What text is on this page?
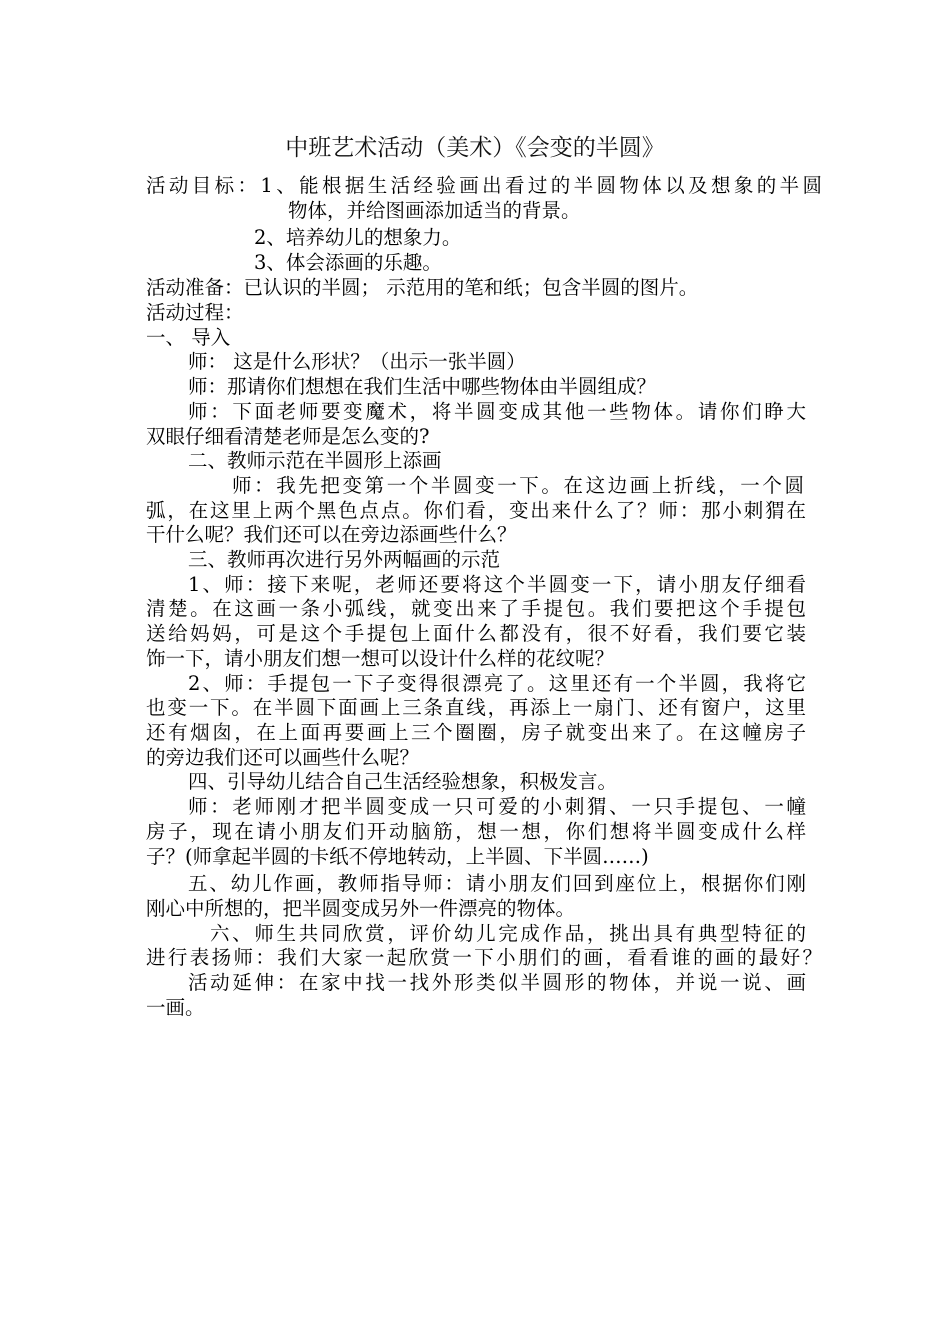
中班艺术活动（美术）《会变的半圆》

活动目标：1、能根据生活经验画出看过的半圆物体以及想象的半圆

物体，并给图画添加适当的背景。

2、培养幼儿的想象力。

3、体会添画的乐趣。

活动准备：已认识的半圆； 示范用的笔和纸；包含半圆的图片。

活动过程：

一、 导入

师： 这是什么形状？（出示一张半圆）

师：那请你们想想在我们生活中哪些物体由半圆组成？

师：下面老师要变魔术，将半圆变成其他一些物体。请你们睁大

双眼仔细看清楚老师是怎么变的?

二、教师示范在半圆形上添画

师：我先把变第一个半圆变一下。在这边画上折线，一个圆

弧，在这里上两个黑色点点。你们看，变出来什么了？师：那小刺猬在

干什么呢？我们还可以在旁边添画些什么？

三、教师再次进行另外两幅画的示范

1、师：接下来呢，老师还要将这个半圆变一下，请小朋友仔细看

清楚。在这画一条小弧线，就变出来了手提包。我们要把这个手提包

送给妈妈，可是这个手提包上面什么都没有，很不好看，我们要它装

饰一下，请小朋友们想一想可以设计什么样的花纹呢？

2、师：手提包一下子变得很漂亮了。这里还有一个半圆，我将它

也变一下。在半圆下面画上三条直线，再添上一扇门、还有窗户，这里

还有烟囱，在上面再要画上三个圈圈，房子就变出来了。在这幢房子

的旁边我们还可以画些什么呢？

四、引导幼儿结合自己生活经验想象，积极发言。

师：老师刚才把半圆变成一只可爱的小刺猬、一只手提包、一幢

房子，现在请小朋友们开动脑筋，想一想，你们想将半圆变成什么样

子？(师拿起半圆的卡纸不停地转动，上半圆、下半圆……)

五、幼儿作画，教师指导师：请小朋友们回到座位上，根据你们刚

刚心中所想的，把半圆变成另外一件漂亮的物体。

六、师生共同欣赏，评价幼儿完成作品，挑出具有典型特征的

进行表扬师：我们大家一起欣赏一下小朋们的画，看看谁的画的最好？

活动延伸：在家中找一找外形类似半圆形的物体，并说一说、画

一画。
